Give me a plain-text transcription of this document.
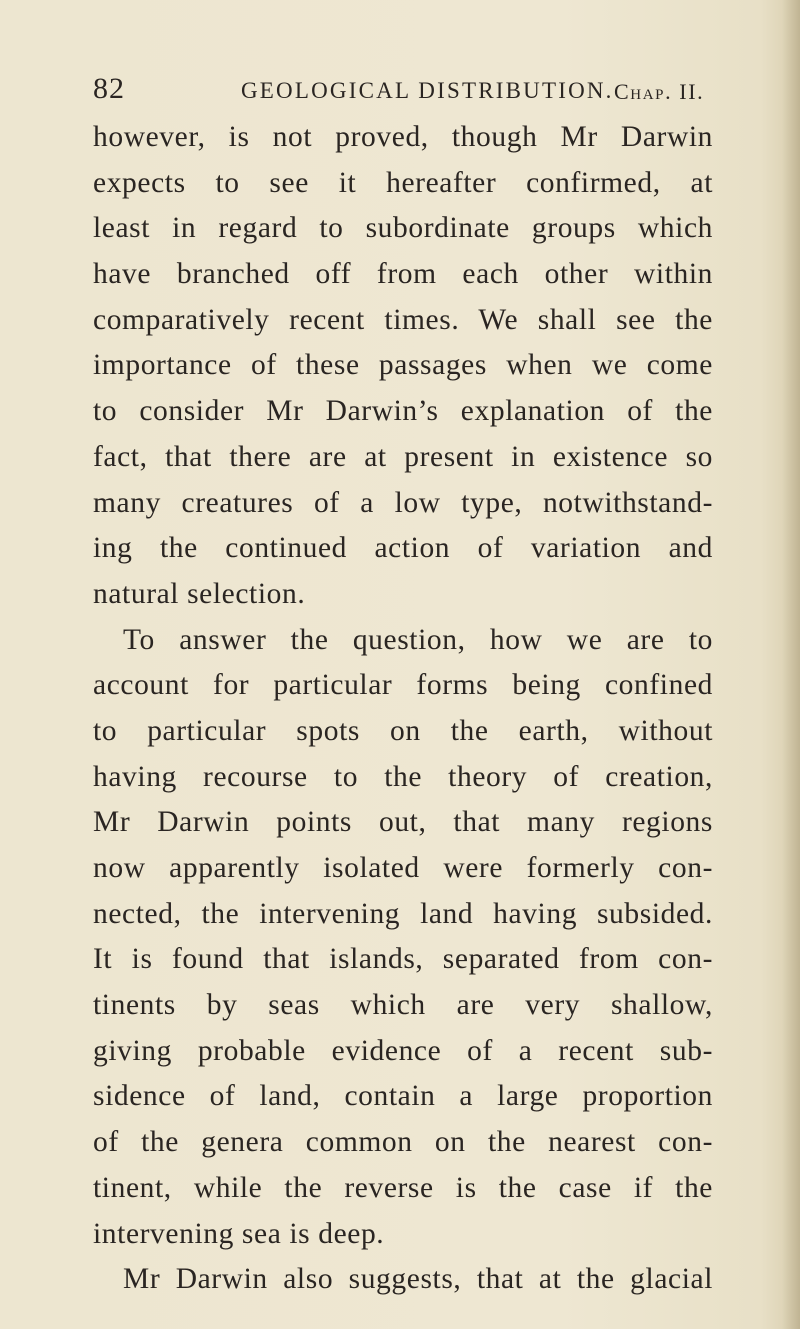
82	GEOLOGICAL DISTRIBUTION. Chap. II.
however, is not proved, though Mr Darwin
expects to see it hereafter confirmed, at
least in regard to subordinate groups which
have branched off from each other within
comparatively recent times. We shall see the
importance of these passages when we come
to consider Mr Darwin’s explanation of the
fact, that there are at present in existence so
many creatures of a low type, notwithstand-
ing the continued action of variation and
natural selection.
To answer the question, how we are to
account for particular forms being confined
to particular spots on the earth, without
having recourse to the theory of creation,
Mr Darwin points out, that many regions
now apparently isolated were formerly con-
nected, the intervening land having subsided.
It is found that islands, separated from con-
tinents by seas which are very shallow,
giving probable evidence of a recent sub-
sidence of land, contain a large proportion
of the genera common on the nearest con-
tinent, while the reverse is the case if the
intervening sea is deep.
Mr Darwin also suggests, that at the glacial
